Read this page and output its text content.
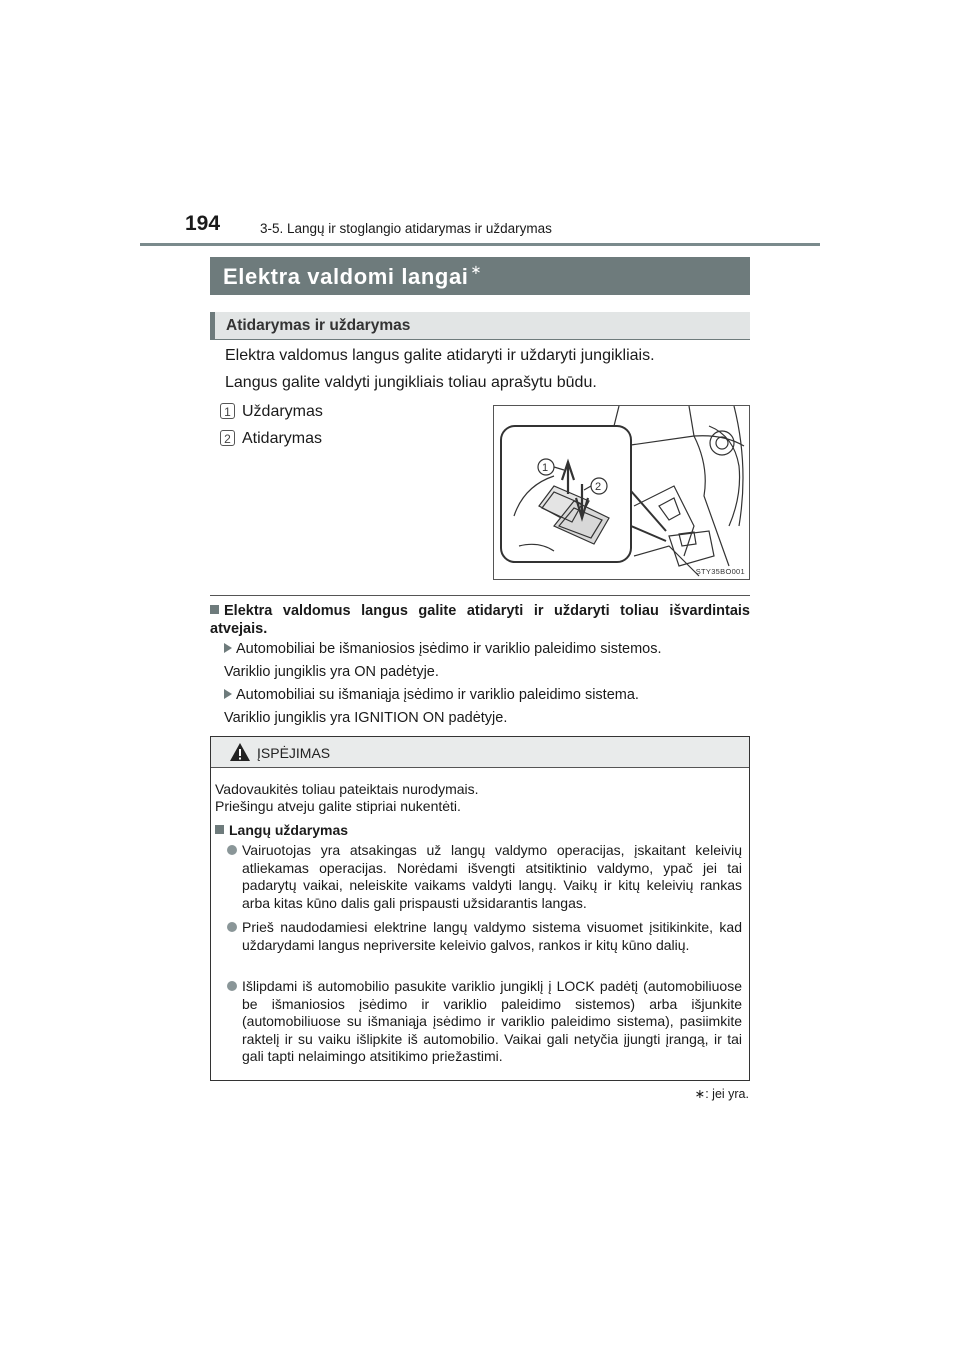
194	3-5. Langų ir stoglangio atidarymas ir uždarymas
Elektra valdomi langai ∗
Atidarymas ir uždarymas
Elektra valdomus langus galite atidaryti ir uždaryti jungikliais.
Langus galite valdyti jungikliais toliau aprašytu būdu.
1 Uždarymas
2 Atidarymas
1
2
STY35BO001
Elektra valdomus langus galite atidaryti ir uždaryti toliau išvardintais atvejais.
Automobiliai be išmaniosios įsėdimo ir variklio paleidimo sistemos.
Variklio jungiklis yra ON padėtyje.
Automobiliai su išmaniąja įsėdimo ir variklio paleidimo sistema.
Variklio jungiklis yra IGNITION ON padėtyje.
ĮSPĖJIMAS
Vadovaukitės toliau pateiktais nurodymais.
Priešingu atveju galite stipriai nukentėti.
Langų uždarymas
Vairuotojas yra atsakingas už langų valdymo operacijas, įskaitant keleivių atliekamas operacijas. Norėdami išvengti atsitiktinio valdymo, ypač jei tai padarytų vaikai, neleiskite vaikams valdyti langų. Vaikų ir kitų keleivių rankas arba kitas kūno dalis gali prispausti užsidarantis langas.
Prieš naudodamiesi elektrine langų valdymo sistema visuomet įsitikinkite, kad uždarydami langus nepriversite keleivio galvos, rankos ir kitų kūno dalių.
Išlipdami iš automobilio pasukite variklio jungiklį į LOCK padėtį (automobiliuose be išmaniosios įsėdimo ir variklio paleidimo sistemos) arba išjunkite (automobiliuose su išmaniąja įsėdimo ir variklio paleidimo sistema), pasiimkite raktelį ir su vaiku išlipkite iš automobilio. Vaikai gali netyčia įjungti įrangą, ir tai gali tapti nelaimingo atsitikimo priežastimi.
∗: jei yra.
